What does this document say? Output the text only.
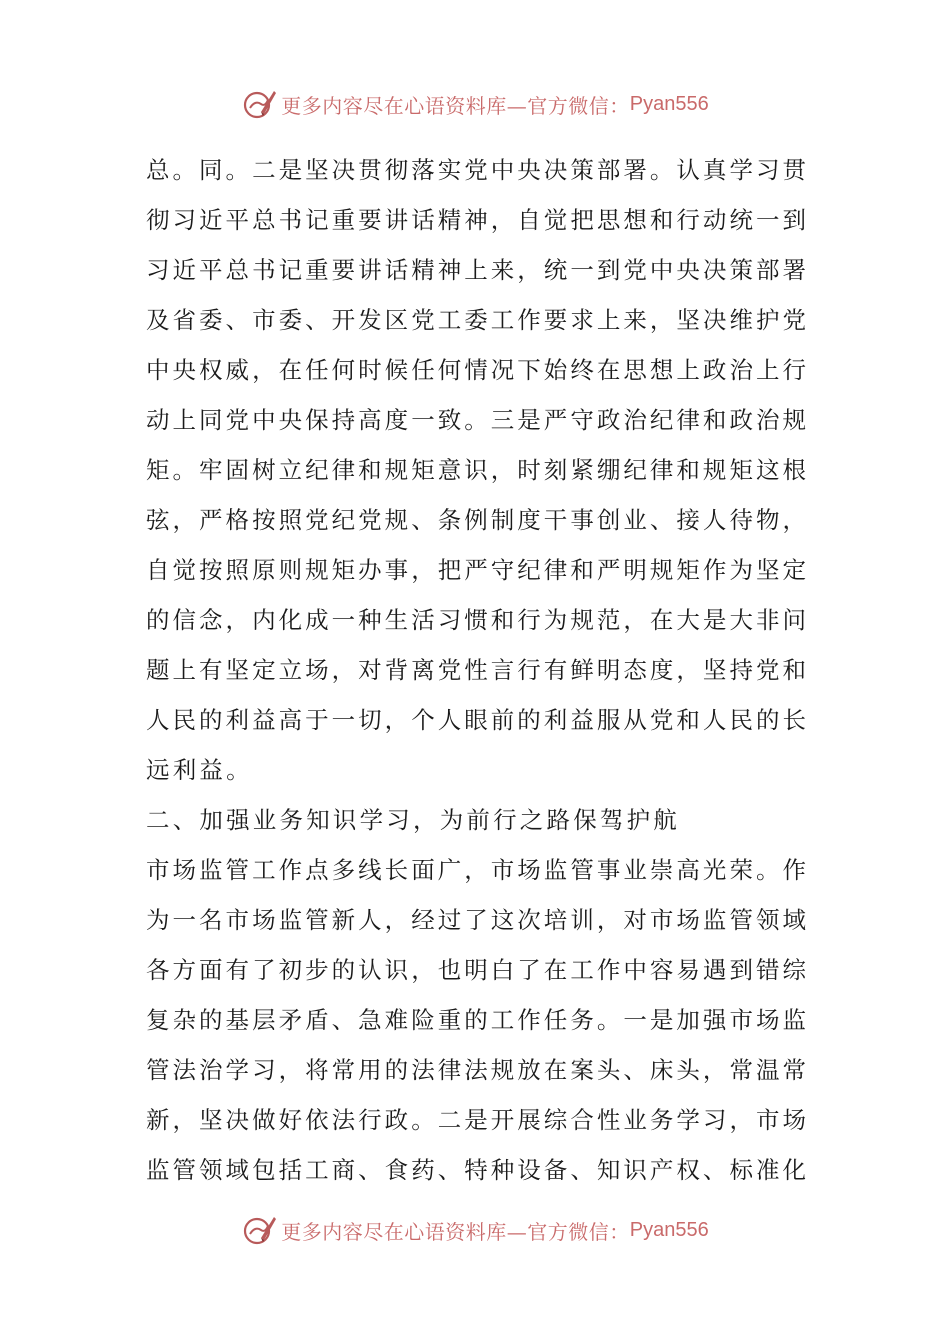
更多内容尽在心语资料库—官方微信： Pyan556
总。同。二是坚决贯彻落实党中央决策部署。认真学习贯
彻习近平总书记重要讲话精神，自觉把思想和行动统一到
习近平总书记重要讲话精神上来，统一到党中央决策部署
及省委、市委、开发区党工委工作要求上来，坚决维护党
中央权威，在任何时候任何情况下始终在思想上政治上行
动上同党中央保持高度一致。三是严守政治纪律和政治规
矩。牢固树立纪律和规矩意识，时刻紧绷纪律和规矩这根
弦，严格按照党纪党规、条例制度干事创业、接人待物，
自觉按照原则规矩办事，把严守纪律和严明规矩作为坚定
的信念，内化成一种生活习惯和行为规范，在大是大非问
题上有坚定立场，对背离党性言行有鲜明态度，坚持党和
人民的利益高于一切，个人眼前的利益服从党和人民的长
远利益。
二、加强业务知识学习，为前行之路保驾护航
市场监管工作点多线长面广，市场监管事业崇高光荣。作
为一名市场监管新人，经过了这次培训，对市场监管领域
各方面有了初步的认识，也明白了在工作中容易遇到错综
复杂的基层矛盾、急难险重的工作任务。一是加强市场监
管法治学习，将常用的法律法规放在案头、床头，常温常
新，坚决做好依法行政。二是开展综合性业务学习，市场
监管领域包括工商、食药、特种设备、知识产权、标准化
更多内容尽在心语资料库—官方微信： Pyan556
